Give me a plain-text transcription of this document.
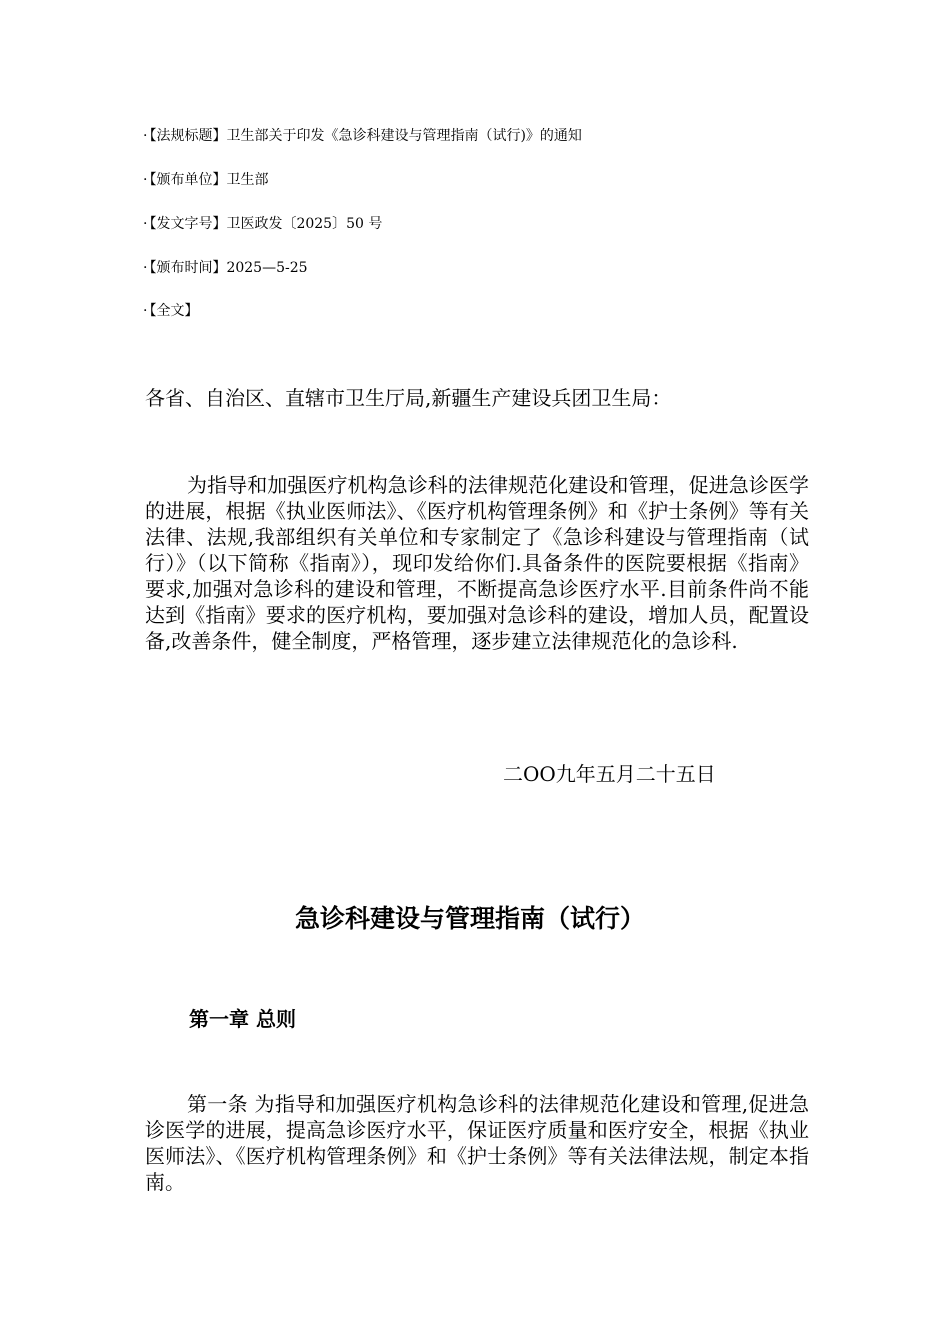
· 【法规标题】卫生部关于印发《急诊科建设与管理指南（试行)》的通知
· 【颁布单位】卫生部
· 【发文字号】卫医政发〔2025〕50 号
· 【颁布时间】2025—5-25
· 【全文】
各省、自治区、直辖市卫生厅局,新疆生产建设兵团卫生局：

为指导和加强医疗机构急诊科的法律规范化建设和管理，促进急诊医学的进展，根据《执业医师法》、《医疗机构管理条例》和《护士条例》等有关法律、法规,我部组织有关单位和专家制定了《急诊科建设与管理指南（试行）》（以下简称《指南》），现印发给你们.具备条件的医院要根据《指南》要求,加强对急诊科的建设和管理，不断提高急诊医疗水平.目前条件尚不能达到《指南》要求的医疗机构，要加强对急诊科的建设，增加人员，配置设备,改善条件，健全制度，严格管理，逐步建立法律规范化的急诊科.

二OO九年五月二十五日
急诊科建设与管理指南（试行）
第一章 总则

第一条 为指导和加强医疗机构急诊科的法律规范化建设和管理,促进急诊医学的进展，提高急诊医疗水平，保证医疗质量和医疗安全，根据《执业医师法》、《医疗机构管理条例》和《护士条例》等有关法律法规，制定本指南。
